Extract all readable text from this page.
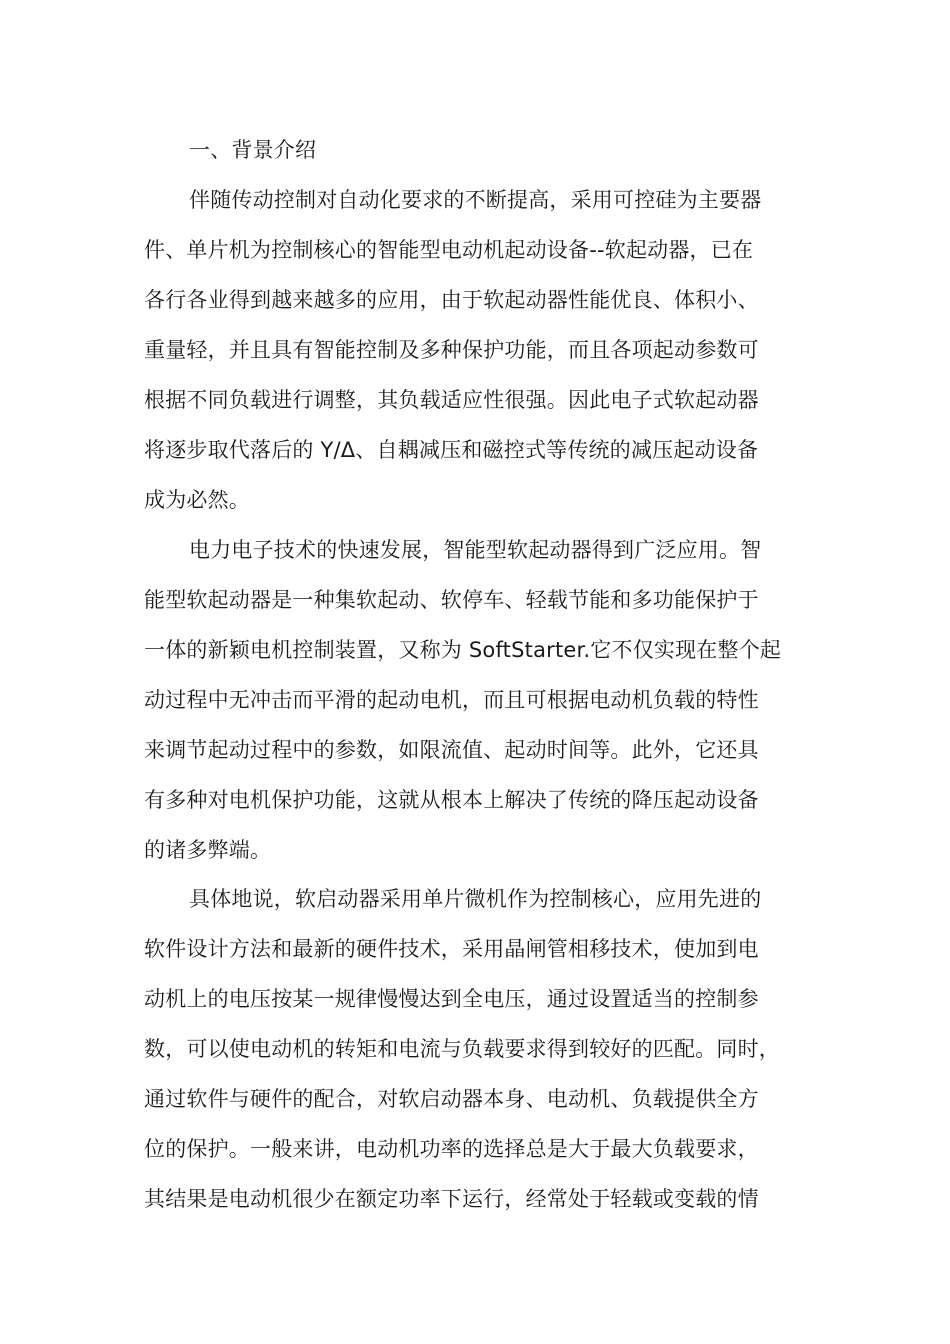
一、背景介绍
伴随传动控制对自动化要求的不断提高，采用可控硅为主要器
件、单片机为控制核心的智能型电动机起动设备--软起动器，已在
各行各业得到越来越多的应用，由于软起动器性能优良、体积小、
重量轻，并且具有智能控制及多种保护功能，而且各项起动参数可
根据不同负载进行调整，其负载适应性很强。因此电子式软起动器
将逐步取代落后的 Y/Δ、自耦减压和磁控式等传统的减压起动设备
成为必然。
电力电子技术的快速发展，智能型软起动器得到广泛应用。智
能型软起动器是一种集软起动、软停车、轻载节能和多功能保护于
一体的新颖电机控制装置，又称为 SoftStarter.它不仅实现在整个起
动过程中无冲击而平滑的起动电机，而且可根据电动机负载的特性
来调节起动过程中的参数，如限流值、起动时间等。此外，它还具
有多种对电机保护功能，这就从根本上解决了传统的降压起动设备
的诸多弊端。
具体地说，软启动器采用单片微机作为控制核心，应用先进的
软件设计方法和最新的硬件技术，采用晶闸管相移技术，使加到电
动机上的电压按某一规律慢慢达到全电压，通过设置适当的控制参
数，可以使电动机的转矩和电流与负载要求得到较好的匹配。同时，
通过软件与硬件的配合，对软启动器本身、电动机、负载提供全方
位的保护。一般来讲，电动机功率的选择总是大于最大负载要求，
其结果是电动机很少在额定功率下运行，经常处于轻载或变载的情
